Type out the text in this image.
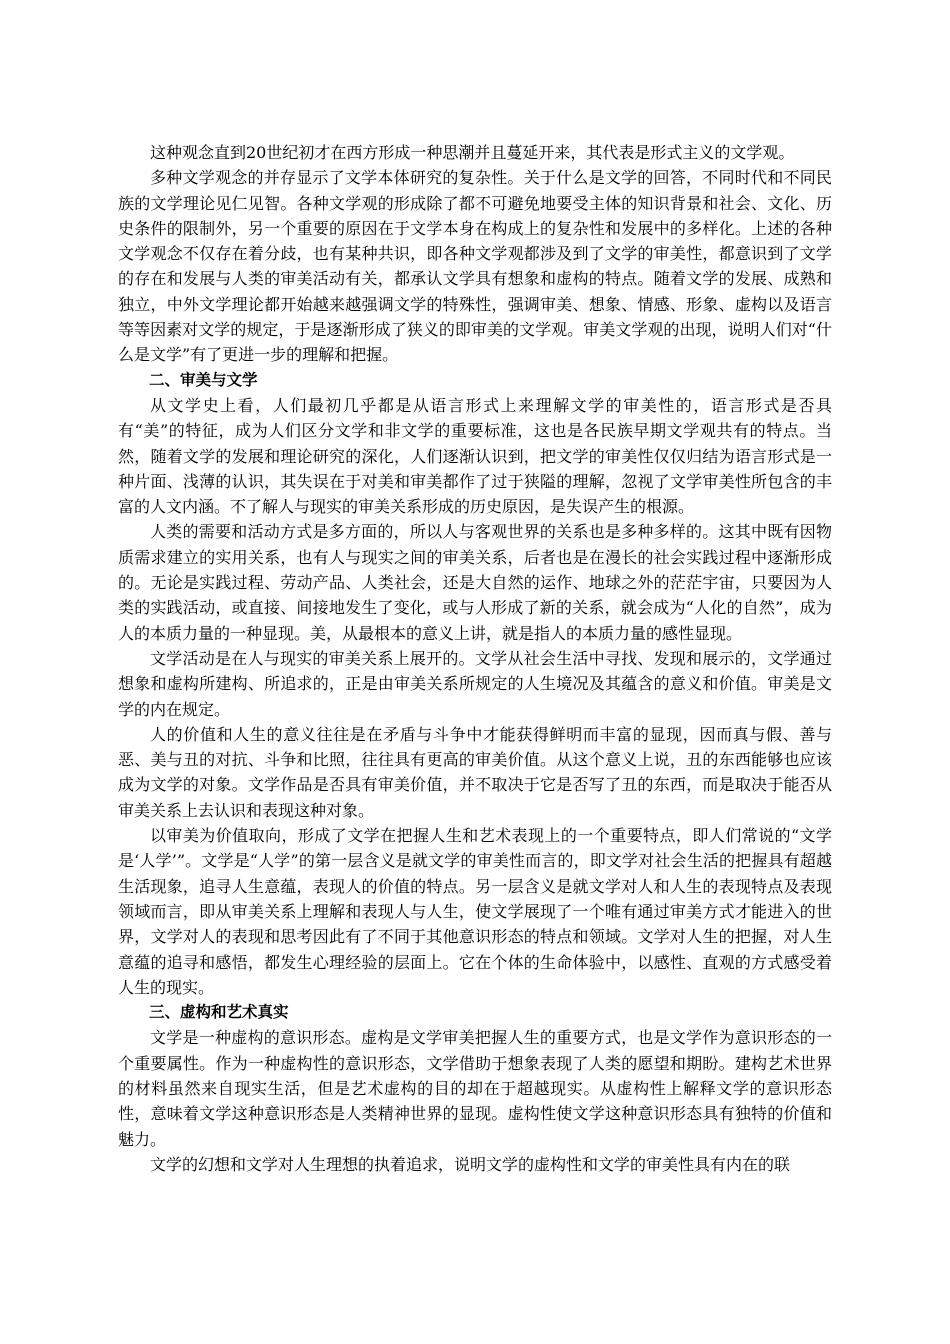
这种观念直到20世纪初才在西方形成一种思潮并且蔓延开来，其代表是形式主义的文学观。

多种文学观念的并存显示了文学本体研究的复杂性。关于什么是文学的回答，不同时代和不同民族的文学理论见仁见智。各种文学观的形成除了都不可避免地要受主体的知识背景和社会、文化、历史条件的限制外，另一个重要的原因在于文学本身在构成上的复杂性和发展中的多样化。上述的各种文学观念不仅存在着分歧，也有某种共识，即各种文学观都涉及到了文学的审美性，都意识到了文学的存在和发展与人类的审美活动有关，都承认文学具有想象和虚构的特点。随着文学的发展、成熟和独立，中外文学理论都开始越来越强调文学的特殊性，强调审美、想象、情感、形象、虚构以及语言等等因素对文学的规定，于是逐渐形成了狭义的即审美的文学观。审美文学观的出现，说明人们对“什么是文学”有了更进一步的理解和把握。

二、审美与文学

从文学史上看，人们最初几乎都是从语言形式上来理解文学的审美性的，语言形式是否具有“美”的特征，成为人们区分文学和非文学的重要标准，这也是各民族早期文学观共有的特点。当然，随着文学的发展和理论研究的深化，人们逐渐认识到，把文学的审美性仅仅归结为语言形式是一种片面、浅薄的认识，其失误在于对美和审美都作了过于狭隘的理解，忽视了文学审美性所包含的丰富的人文内涵。不了解人与现实的审美关系形成的历史原因，是失误产生的根源。

人类的需要和活动方式是多方面的，所以人与客观世界的关系也是多种多样的。这其中既有因物质需求建立的实用关系，也有人与现实之间的审美关系，后者也是在漫长的社会实践过程中逐渐形成的。无论是实践过程、劳动产品、人类社会，还是大自然的运作、地球之外的茫茫宇宙，只要因为人类的实践活动，或直接、间接地发生了变化，或与人形成了新的关系，就会成为“人化的自然”，成为人的本质力量的一种显现。美，从最根本的意义上讲，就是指人的本质力量的感性显现。

文学活动是在人与现实的审美关系上展开的。文学从社会生活中寻找、发现和展示的，文学通过想象和虚构所建构、所追求的，正是由审美关系所规定的人生境况及其蕴含的意义和价值。审美是文学的内在规定。

人的价值和人生的意义往往是在矛盾与斗争中才能获得鲜明而丰富的显现，因而真与假、善与恶、美与丑的对抗、斗争和比照，往往具有更高的审美价值。从这个意义上说，丑的东西能够也应该成为文学的对象。文学作品是否具有审美价值，并不取决于它是否写了丑的东西，而是取决于能否从审美关系上去认识和表现这种对象。

以审美为价值取向，形成了文学在把握人生和艺术表现上的一个重要特点，即人们常说的“文学是‘人学’”。文学是“人学”的第一层含义是就文学的审美性而言的，即文学对社会生活的把握具有超越生活现象，追寻人生意蕴，表现人的价值的特点。另一层含义是就文学对人和人生的表现特点及表现领域而言，即从审美关系上理解和表现人与人生，使文学展现了一个唯有通过审美方式才能进入的世界，文学对人的表现和思考因此有了不同于其他意识形态的特点和领域。文学对人生的把握，对人生意蕴的追寻和感悟，都发生心理经验的层面上。它在个体的生命体验中，以感性、直观的方式感受着人生的现实。

三、虚构和艺术真实

文学是一种虚构的意识形态。虚构是文学审美把握人生的重要方式，也是文学作为意识形态的一个重要属性。作为一种虚构性的意识形态，文学借助于想象表现了人类的愿望和期盼。建构艺术世界的材料虽然来自现实生活，但是艺术虚构的目的却在于超越现实。从虚构性上解释文学的意识形态性，意味着文学这种意识形态是人类精神世界的显现。虚构性使文学这种意识形态具有独特的价值和魅力。

文学的幻想和文学对人生理想的执着追求，说明文学的虚构性和文学的审美性具有内在的联
